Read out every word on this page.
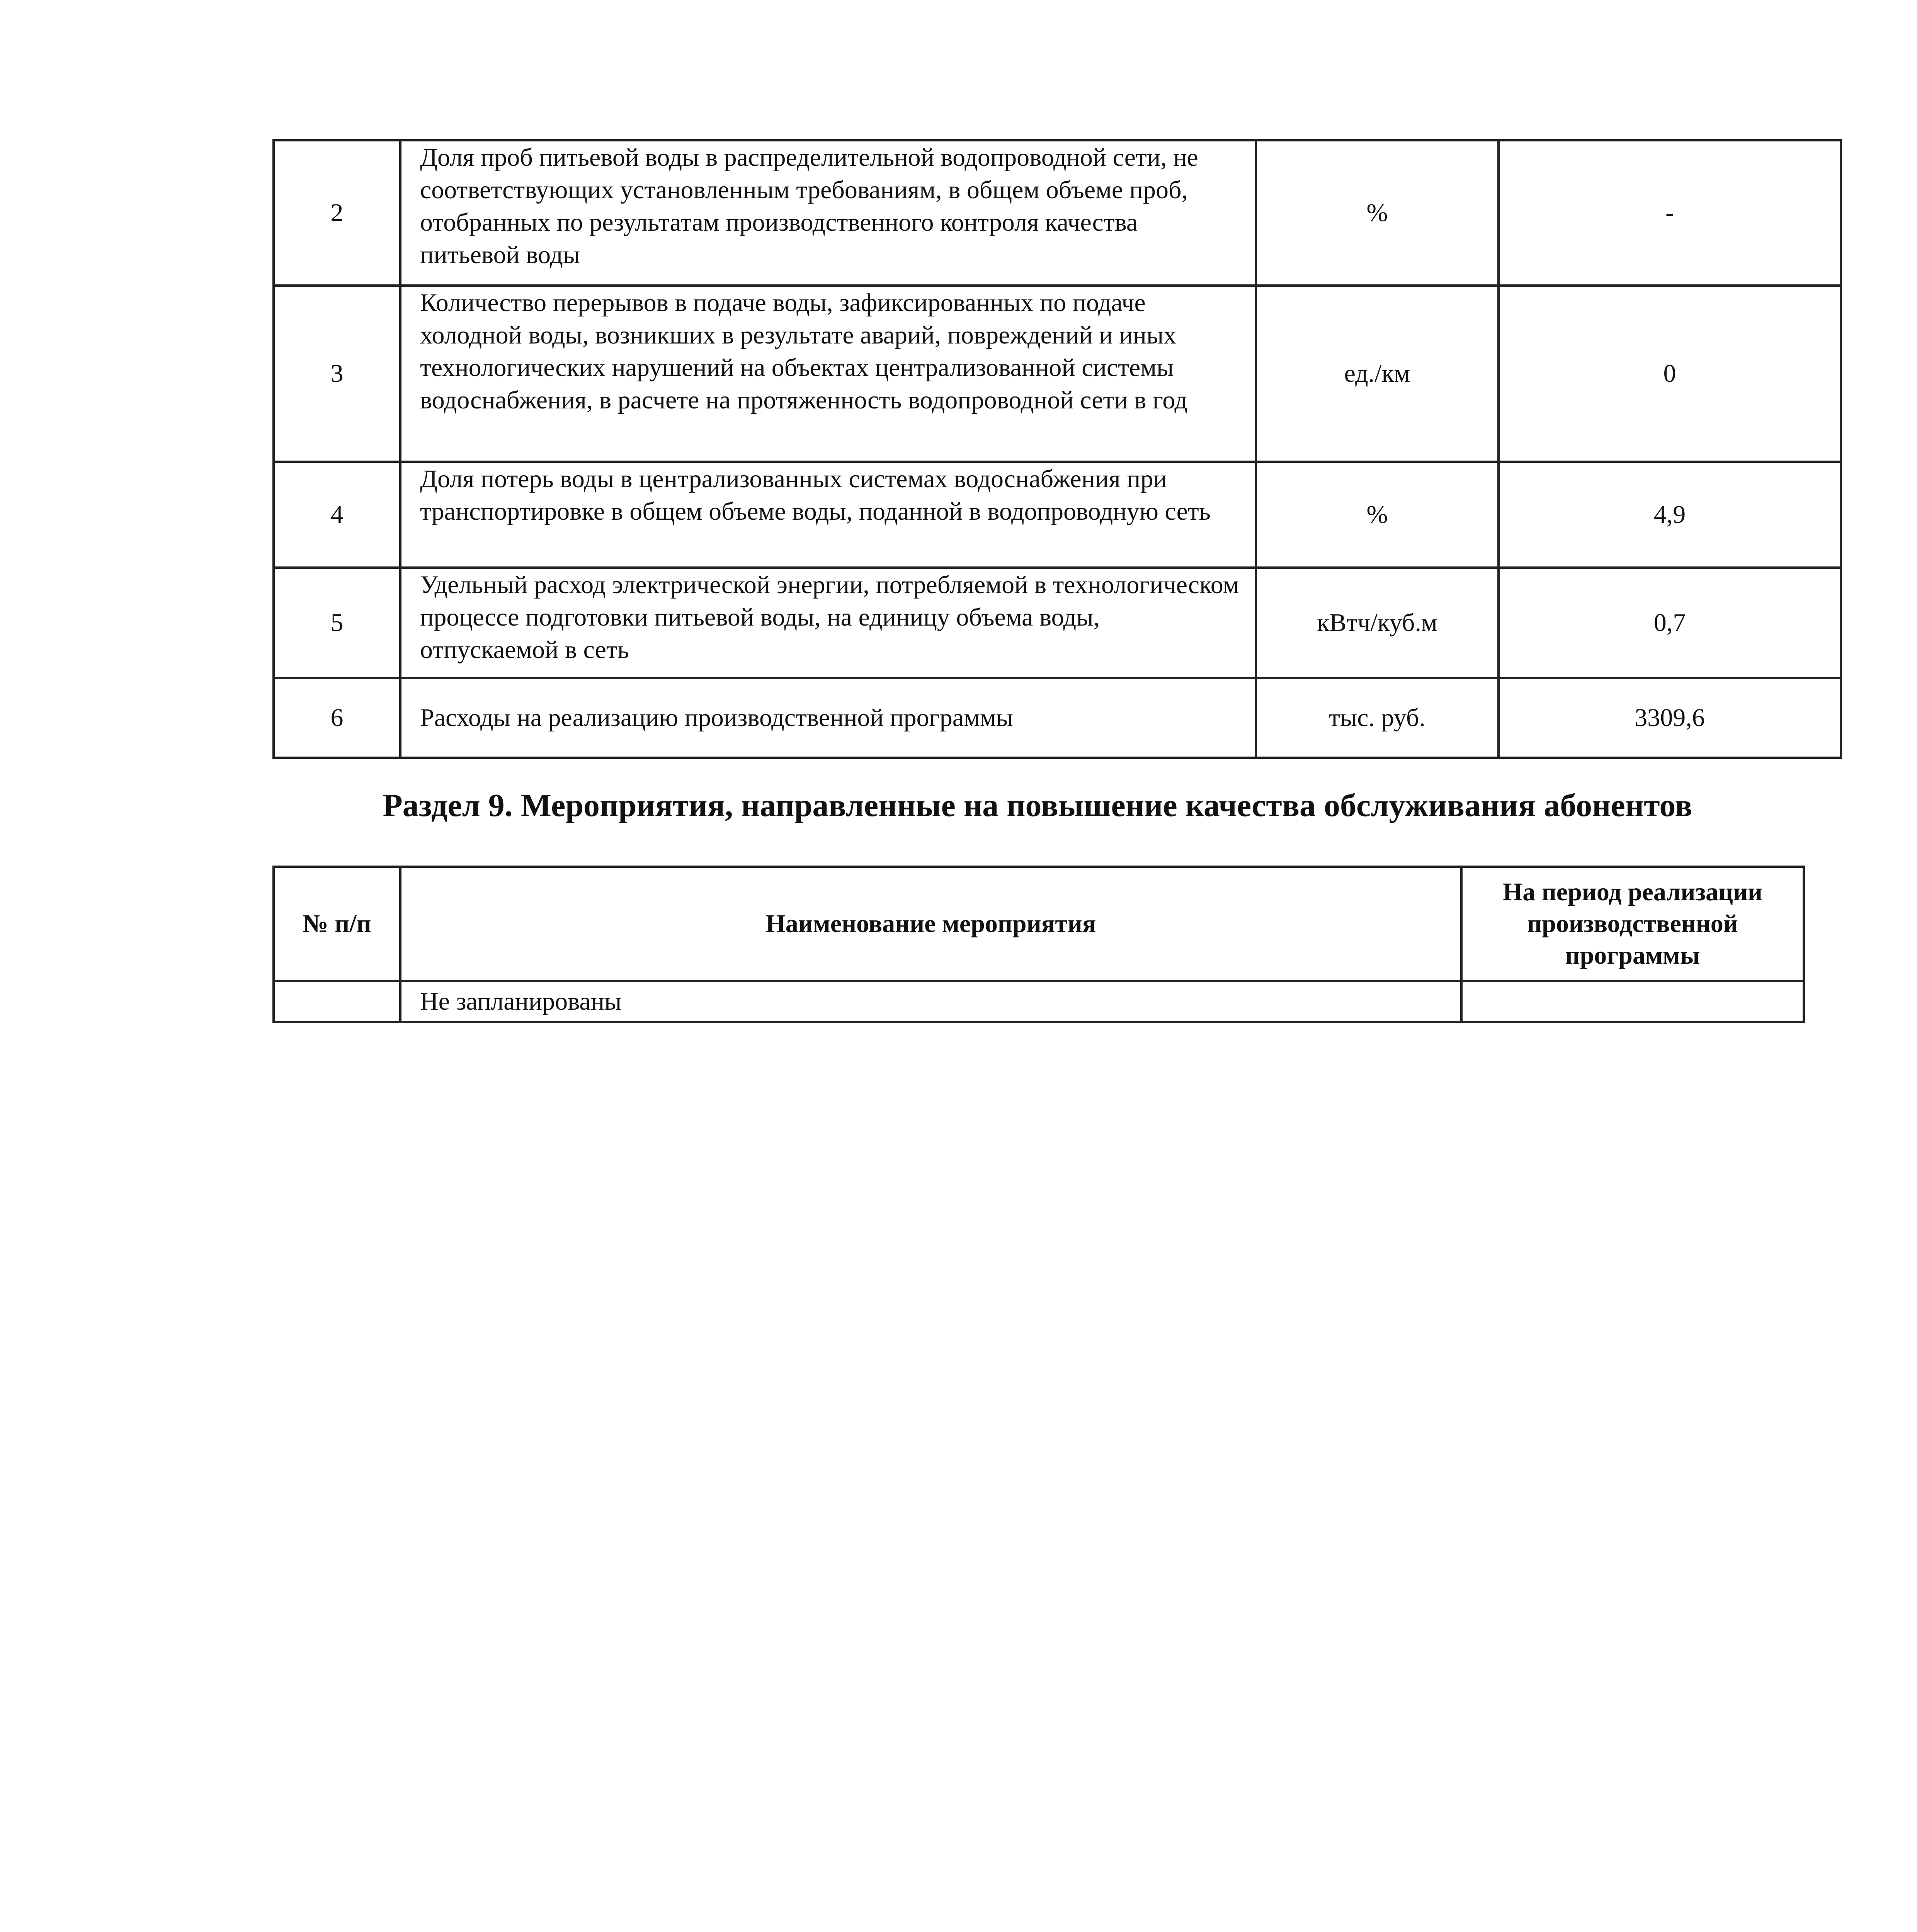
2	Доля проб питьевой воды в распределительной водопроводной сети, не соответствующих установленным требованиям, в общем объеме проб, отобранных по результатам производственного контроля качества питьевой воды	%	-
3	Количество перерывов в подаче воды, зафиксированных по подаче холодной воды, возникших в результате аварий, повреждений и иных технологических нарушений на объектах централизованной системы водоснабжения, в расчете на протяженность водопроводной сети в год	ед./км	0
4	Доля потерь воды в централизованных системах водоснабжения при транспортировке в общем объеме воды, поданной в водопроводную сеть	%	4,9
5	Удельный расход электрической энергии, потребляемой в технологическом процессе подготовки питьевой воды, на единицу объема воды, отпускаемой в сеть	кВтч/куб.м	0,7
6	Расходы на реализацию производственной программы	тыс. руб.	3309,6
Раздел 9. Мероприятия, направленные на повышение качества обслуживания абонентов
№ п/п	Наименование мероприятия	На период реализации производственной программы
	Не запланированы	
